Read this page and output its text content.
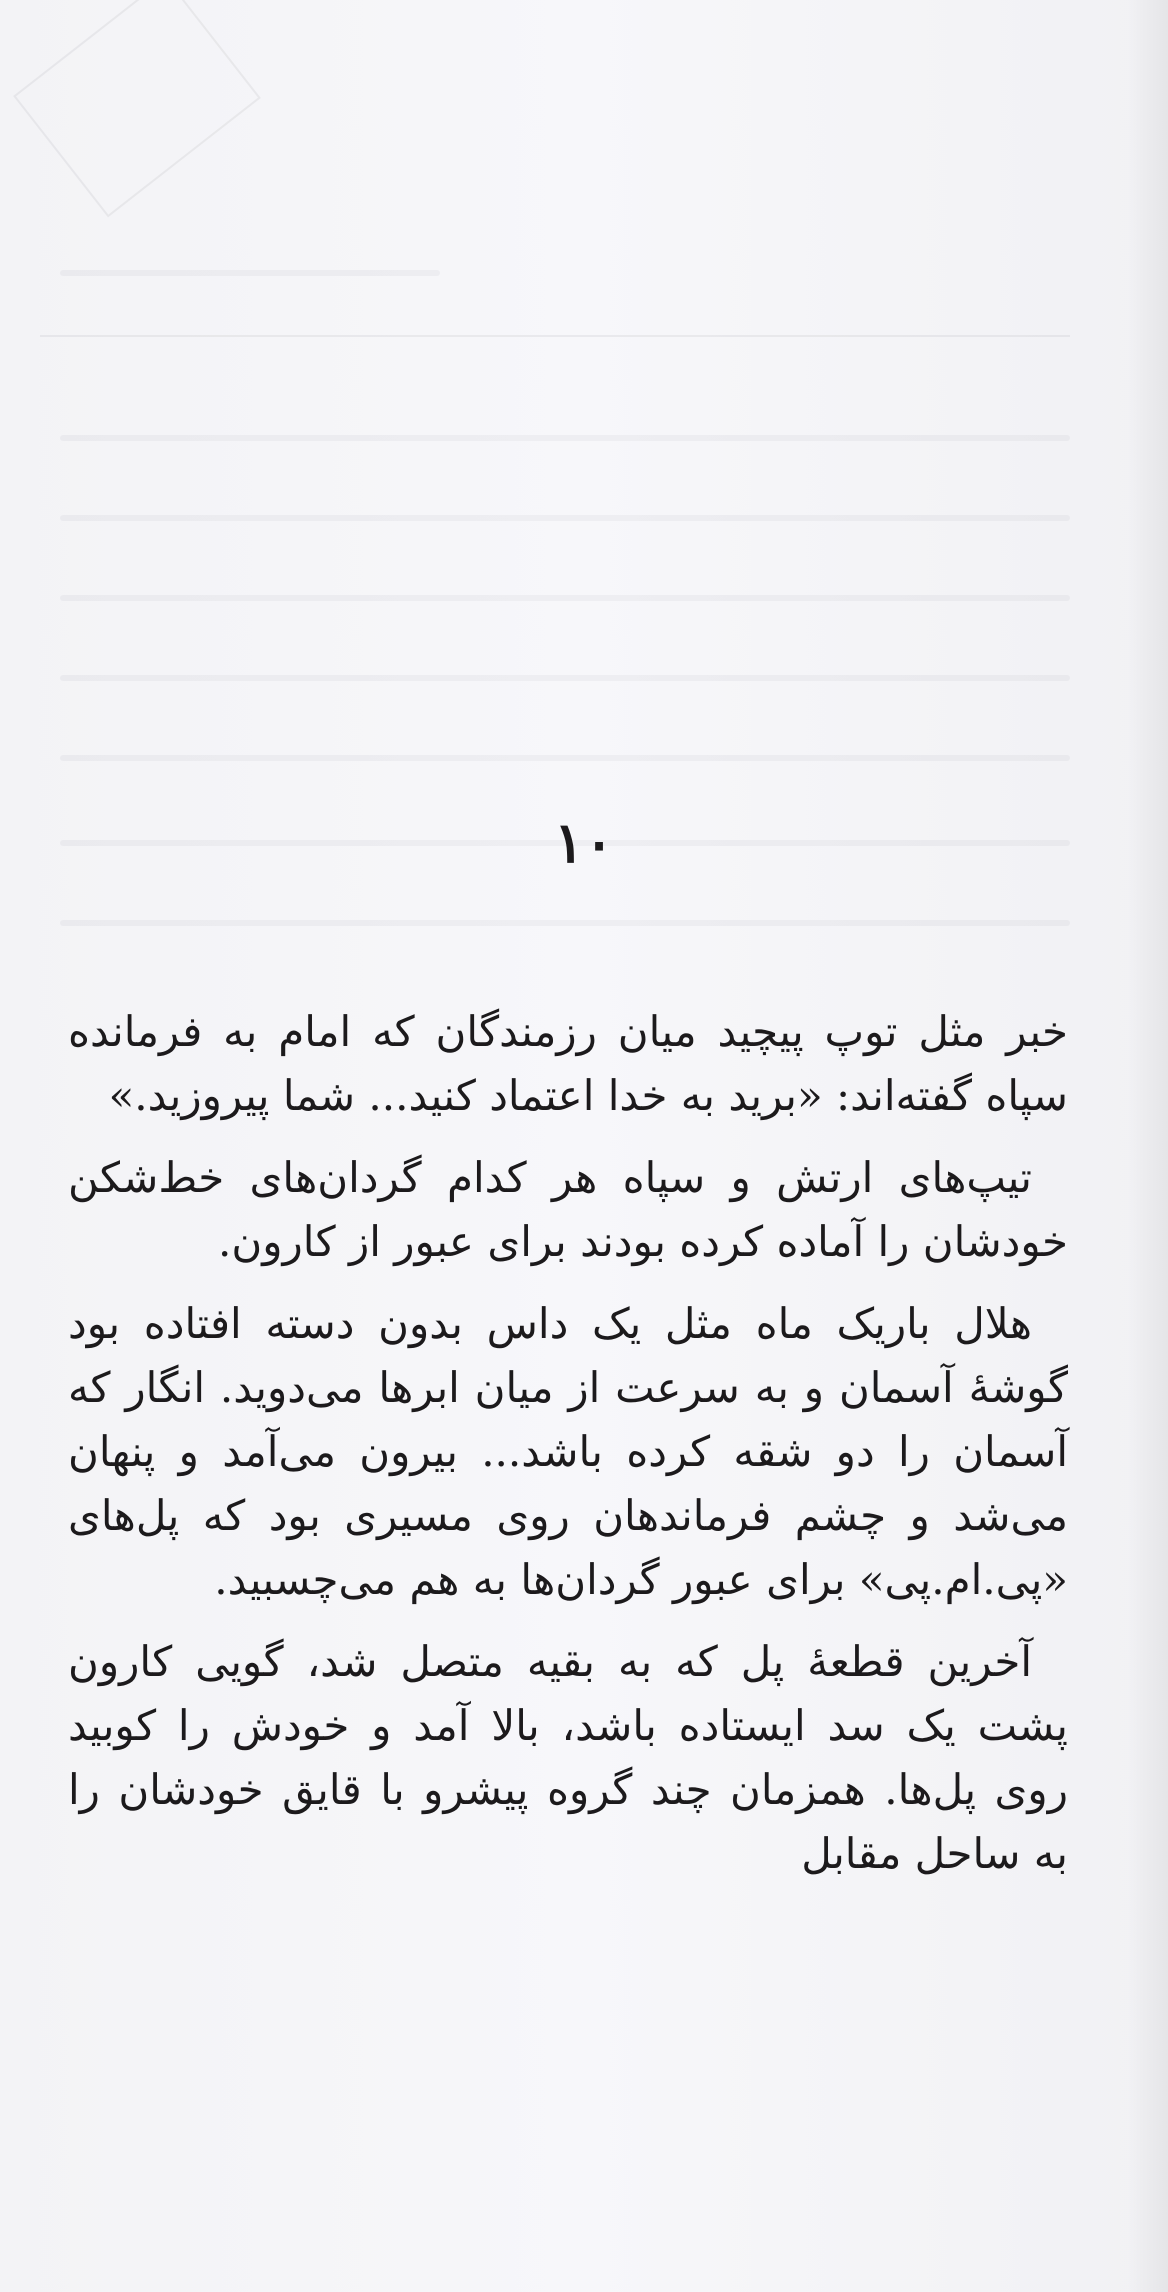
۱۰

خبر مثل توپ پیچید میان رزمندگان که امام به فرمانده سپاه گفته‌اند: «برید به خدا اعتماد کنید... شما پیروزید.»

تیپ‌های ارتش و سپاه هر کدام گردان‌های خط‌شکن خودشان را آماده کرده بودند برای عبور از کارون.

هلال باریک ماه مثل یک داس بدون دسته افتاده بود گوشهٔ آسمان و به سرعت از میان ابرها می‌دوید. انگار که آسمان را دو شقه کرده باشد... بیرون می‌آمد و پنهان می‌شد و چشم فرماندهان روی مسیری بود که پل‌های «پی.ام.پی» برای عبور گردان‌ها به هم می‌چسبید.

آخرین قطعهٔ پل که به بقیه متصل شد، گویی کارون پشت یک سد ایستاده باشد، بالا آمد و خودش را کوبید روی پل‌ها. همزمان چند گروه پیشرو با قایق خودشان را به ساحل مقابل
